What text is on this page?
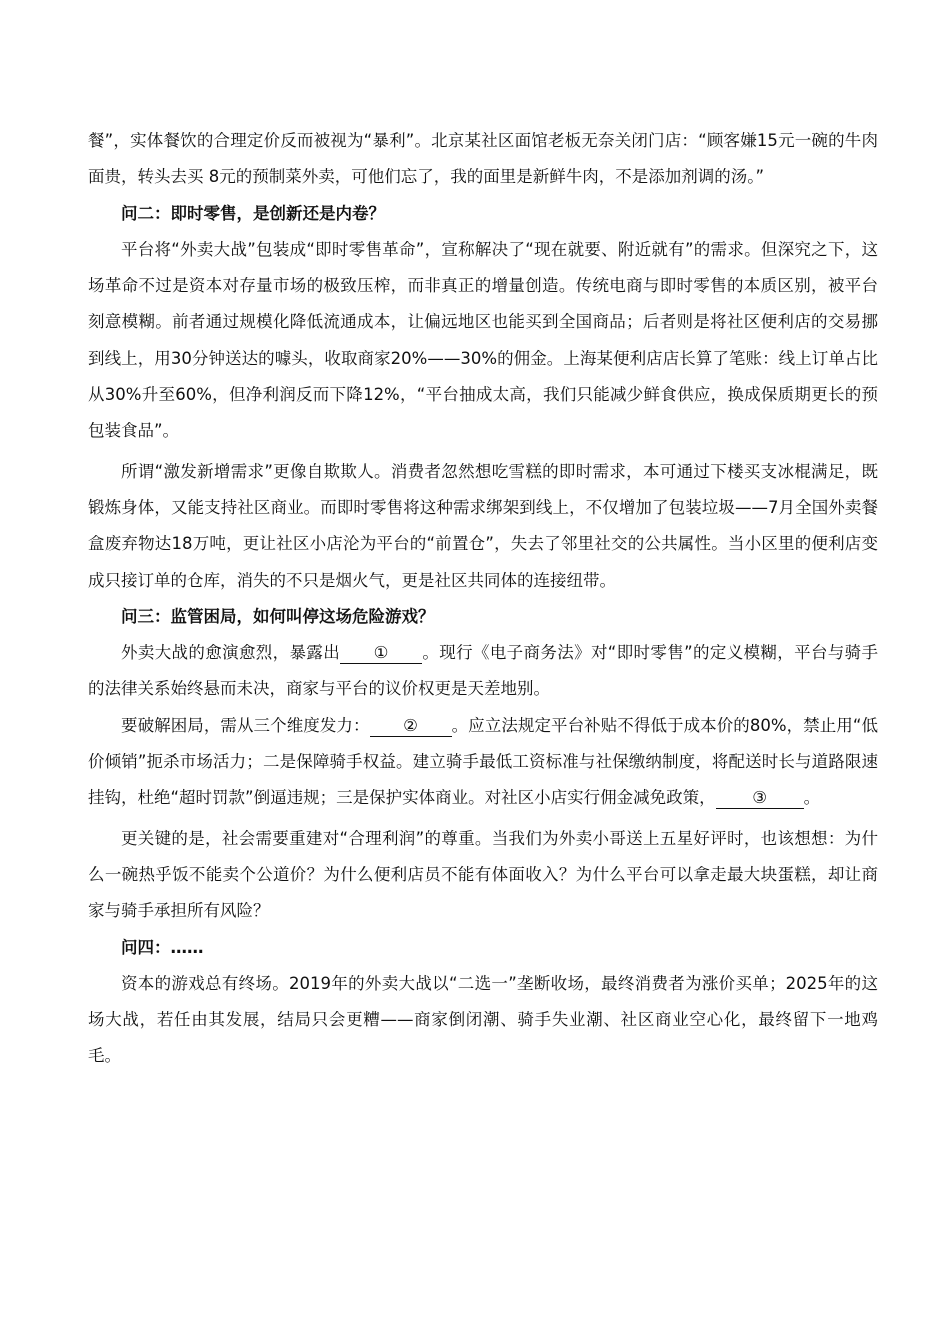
餐”，实体餐饮的合理定价反而被视为“暴利”。北京某社区面馆老板无奈关闭门店：“顾客嫌15元一碗的牛肉面贵，转头去买 8元的预制菜外卖，可他们忘了，我的面里是新鲜牛肉，不是添加剂调的汤。”

问二：即时零售，是创新还是内卷？

平台将“外卖大战”包装成“即时零售革命”，宣称解决了“现在就要、附近就有”的需求。但深究之下，这场革命不过是资本对存量市场的极致压榨，而非真正的增量创造。传统电商与即时零售的本质区别，被平台刻意模糊。前者通过规模化降低流通成本，让偏远地区也能买到全国商品；后者则是将社区便利店的交易挪到线上，用30分钟送达的噱头，收取商家20%——30%的佣金。上海某便利店店长算了笔账：线上订单占比从30%升至60%，但净利润反而下降12%，“平台抽成太高，我们只能减少鲜食供应，换成保质期更长的预包装食品”。

所谓“激发新增需求”更像自欺欺人。消费者忽然想吃雪糕的即时需求，本可通过下楼买支冰棍满足，既锻炼身体，又能支持社区商业。而即时零售将这种需求绑架到线上，不仅增加了包装垃圾——7月全国外卖餐盒废弃物达18万吨，更让社区小店沦为平台的“前置仓”，失去了邻里社交的公共属性。当小区里的便利店变成只接订单的仓库，消失的不只是烟火气，更是社区共同体的连接纽带。

问三：监管困局，如何叫停这场危险游戏？

外卖大战的愈演愈烈，暴露出 ① 。现行《电子商务法》对“即时零售”的定义模糊，平台与骑手的法律关系始终悬而未决，商家与平台的议价权更是天差地别。

要破解困局，需从三个维度发力： ② 。应立法规定平台补贴不得低于成本价的80%，禁止用“低价倾销”扼杀市场活力；二是保障骑手权益。建立骑手最低工资标准与社保缴纳制度，将配送时长与道路限速挂钩，杜绝“超时罚款”倒逼违规；三是保护实体商业。对社区小店实行佣金减免政策， ③ 。

更关键的是，社会需要重建对“合理利润”的尊重。当我们为外卖小哥送上五星好评时，也该想想：为什么一碗热乎饭不能卖个公道价？为什么便利店员不能有体面收入？为什么平台可以拿走最大块蛋糕，却让商家与骑手承担所有风险？

问四：……

资本的游戏总有终场。2019年的外卖大战以“二选一”垄断收场，最终消费者为涨价买单；2025年的这场大战，若任由其发展，结局只会更糟——商家倒闭潮、骑手失业潮、社区商业空心化，最终留下一地鸡毛。
